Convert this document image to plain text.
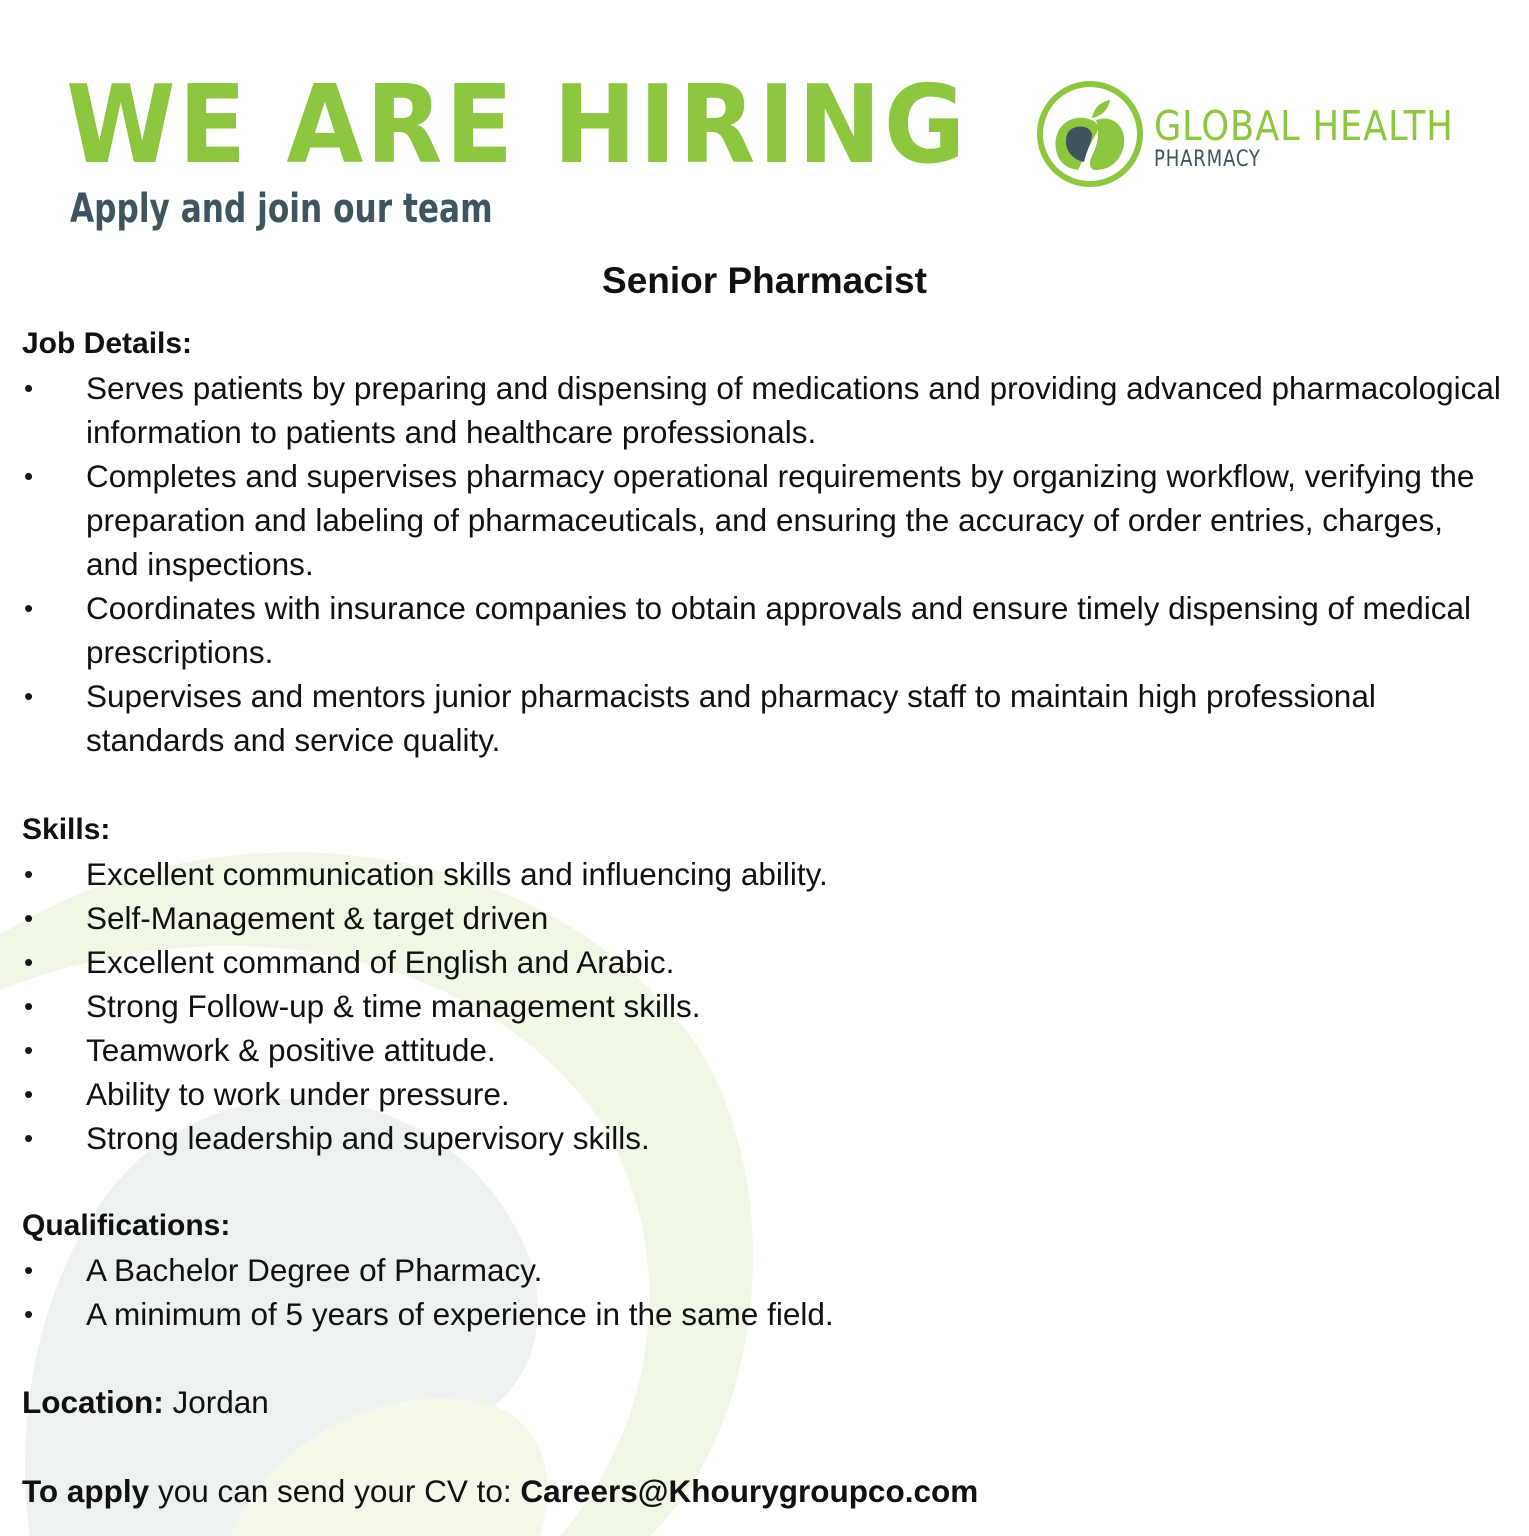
WE ARE HIRING
Apply and join our team
GLOBAL HEALTH
PHARMACY
Senior Pharmacist
Job Details:
• Serves patients by preparing and dispensing of medications and providing advanced pharmacological information to patients and healthcare professionals.
• Completes and supervises pharmacy operational requirements by organizing workflow, verifying the preparation and labeling of pharmaceuticals, and ensuring the accuracy of order entries, charges, and inspections.
• Coordinates with insurance companies to obtain approvals and ensure timely dispensing of medical prescriptions.
• Supervises and mentors junior pharmacists and pharmacy staff to maintain high professional standards and service quality.
Skills:
• Excellent communication skills and influencing ability.
• Self-Management & target driven
• Excellent command of English and Arabic.
• Strong Follow-up & time management skills.
• Teamwork & positive attitude.
• Ability to work under pressure.
• Strong leadership and supervisory skills.
Qualifications:
• A Bachelor Degree of Pharmacy.
• A minimum of 5 years of experience in the same field.
Location: Jordan
To apply you can send your CV to: Careers@Khourygroupco.com
